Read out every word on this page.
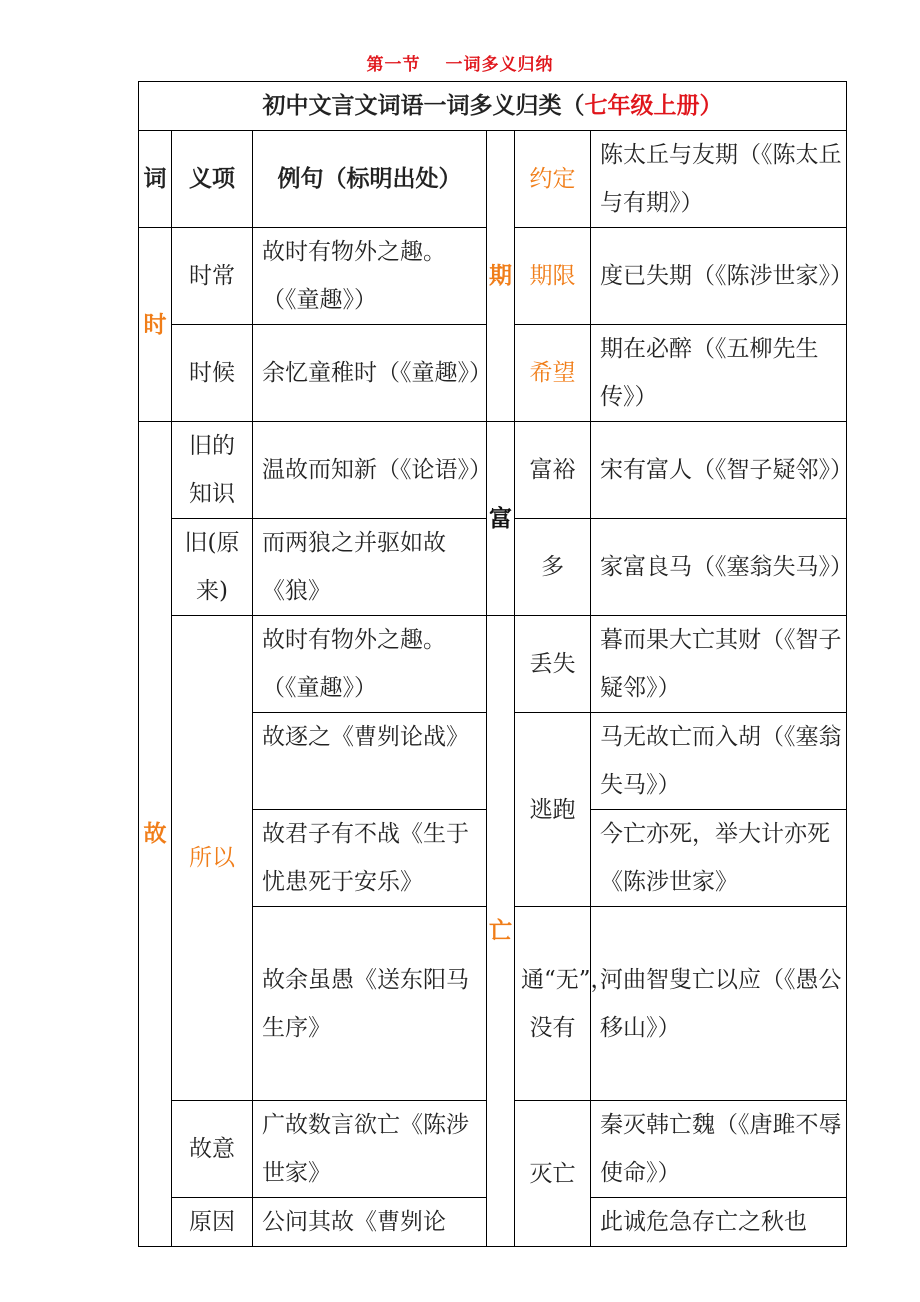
第一节　 一词多义归纳
初中文言文词语一词多义归类（七年级上册）					
词	义项	例句（标明出处）	期	约定	陈太丘与友期（《陈太丘与有期》）
时	时常	故时有物外之趣。（《童趣》）		期限	度已失期（《陈涉世家》）
	时候	余忆童稚时（《童趣》）		希望	期在必醉（《五柳先生传》）
故	旧的知识	温故而知新（《论语》）	富	富裕	宋有富人（《智子疑邻》）
	旧(原来)	而两狼之并驱如故《狼》		多	家富良马（《塞翁失马》）
	所以	故时有物外之趣。（《童趣》）	亡	丢失	暮而果大亡其财（《智子疑邻》）
		故逐之《曹刿论战》		逃跑	马无故亡而入胡（《塞翁失马》）
		故君子有不战《生于忧患死于安乐》			今亡亦死，举大计亦死《陈涉世家》
		故余虽愚《送东阳马生序》		通“无”，没有	河曲智叟亡以应（《愚公移山》）
	故意	广故数言欲亡《陈涉世家》		灭亡	秦灭韩亡魏（《唐雎不辱使命》）
	原因	公问其故《曹刿论			此诚危急存亡之秋也
